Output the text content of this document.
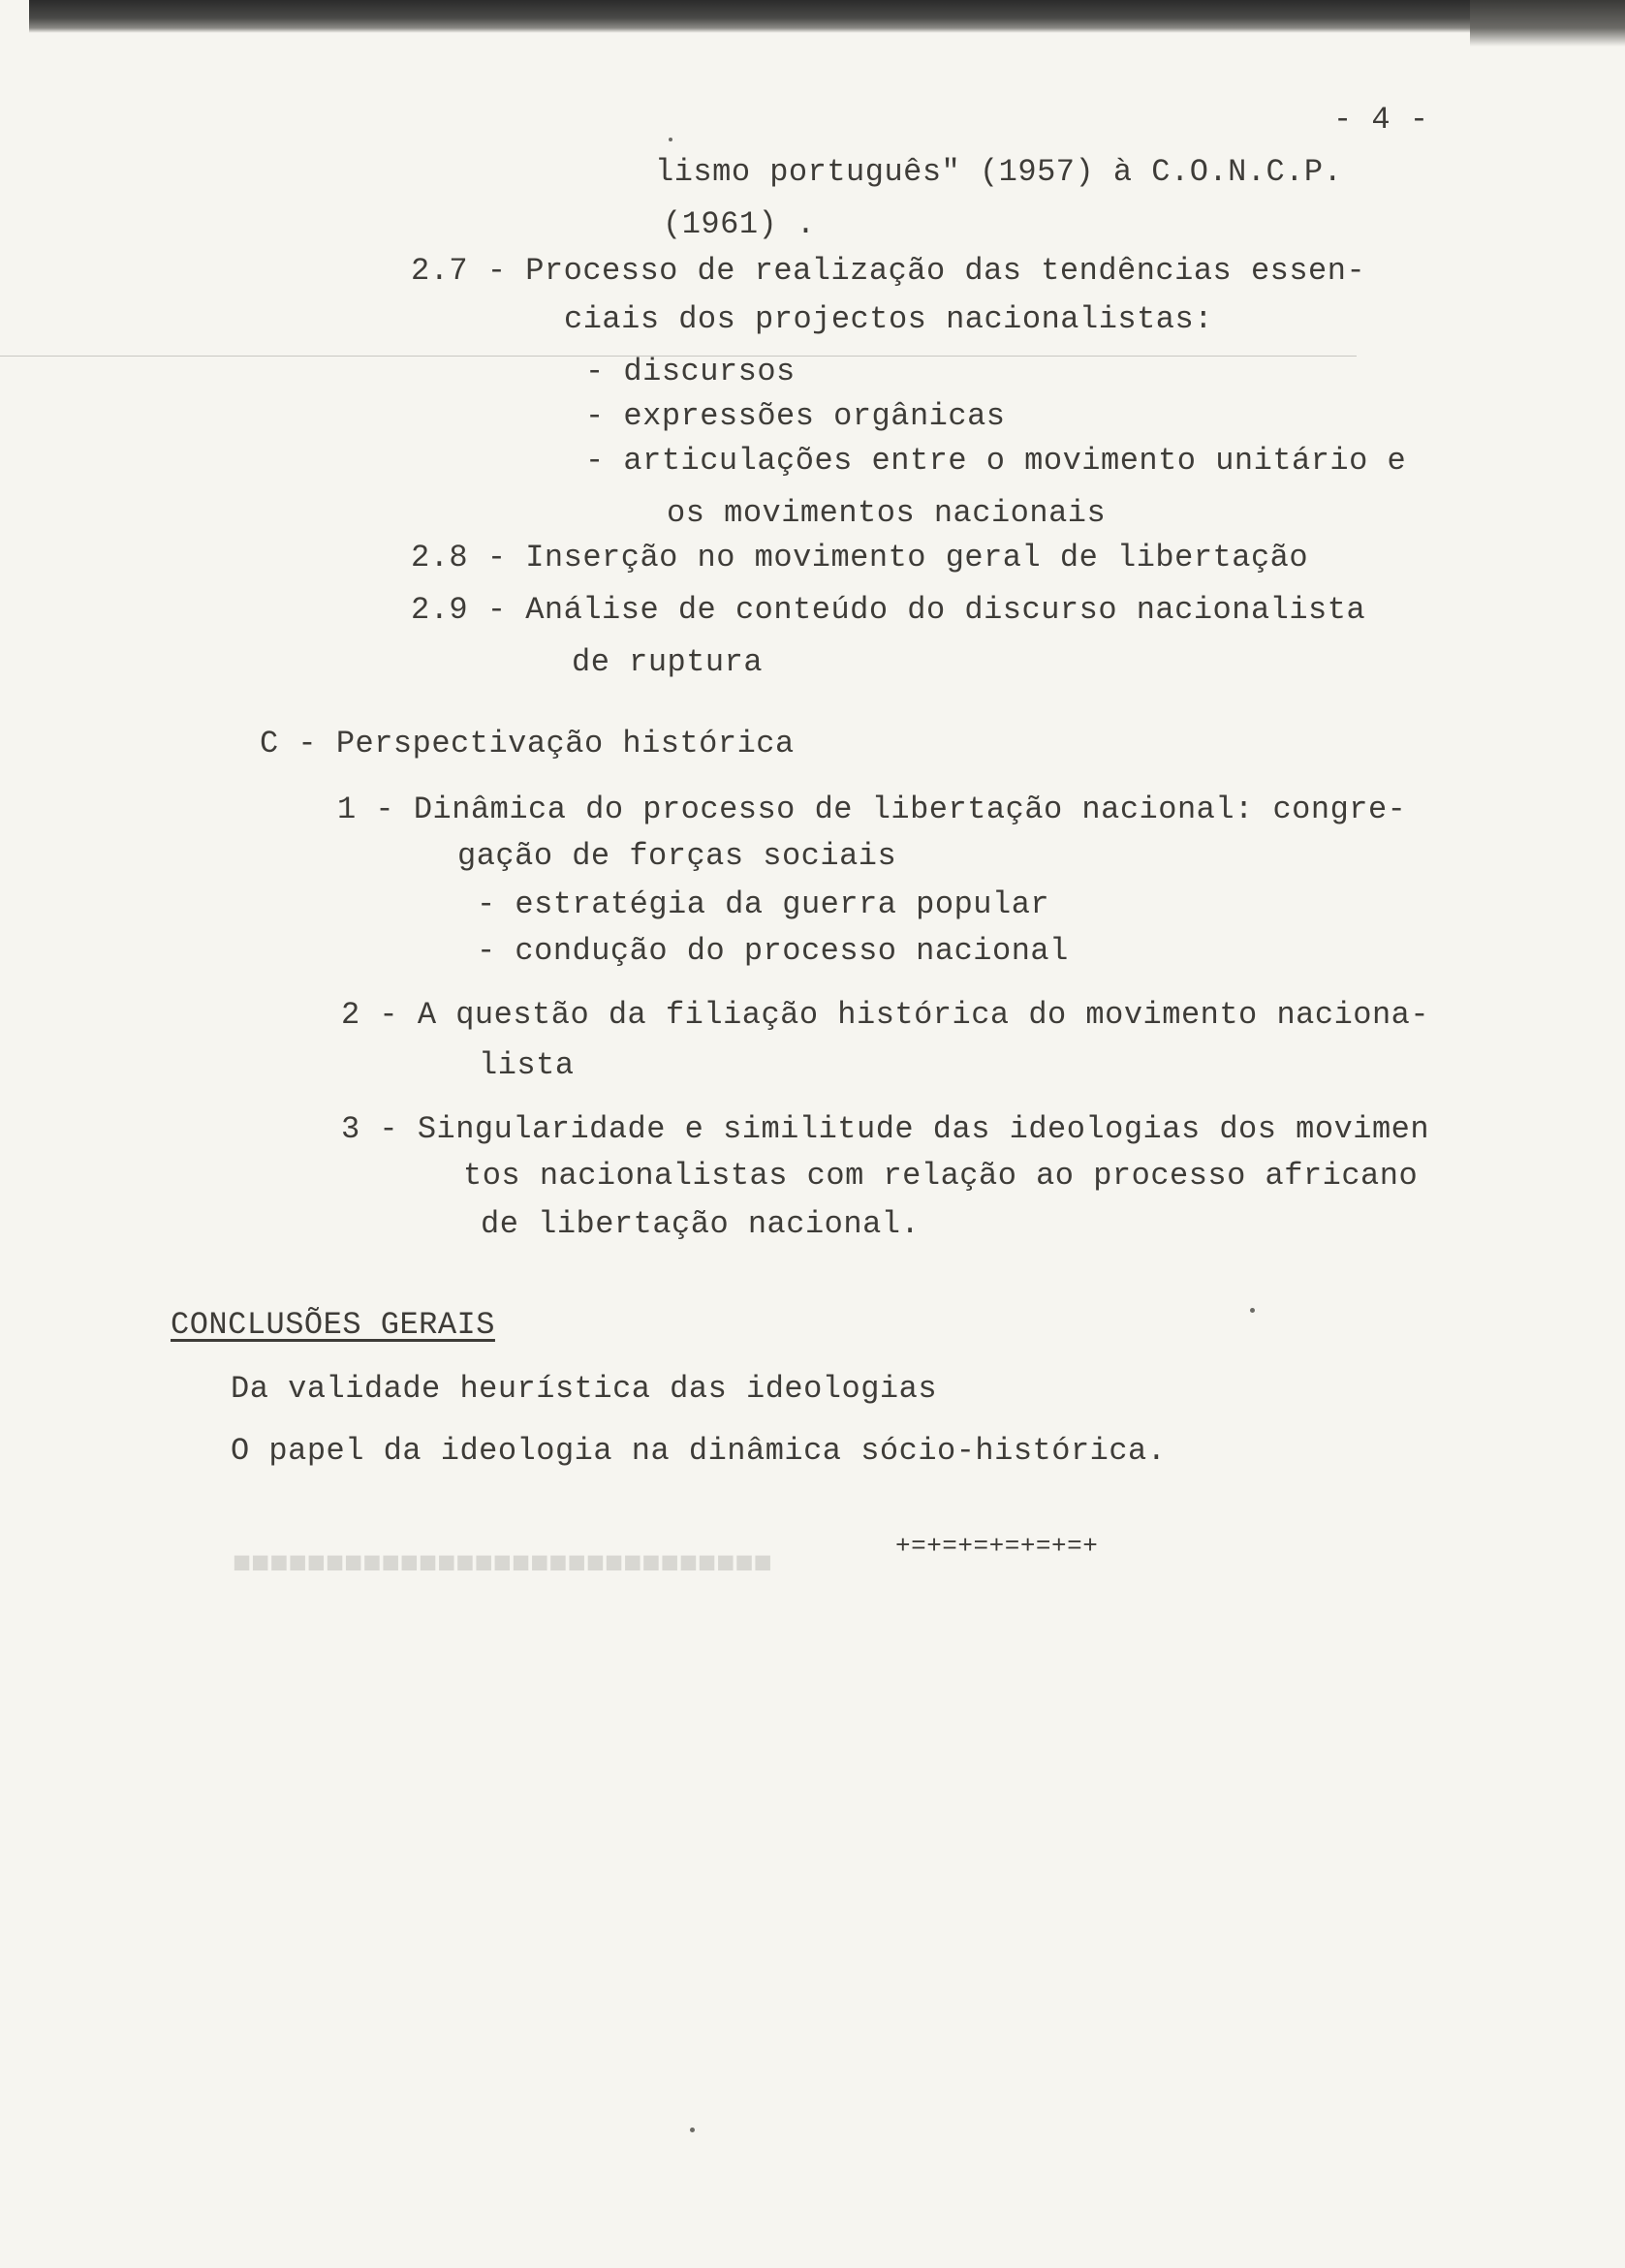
■■■■■■■■■■■■■■■■■■■■■■■■■■■■■
- 4 -
lismo português" (1957) à C.O.N.C.P.
(1961) .
2.7 - Processo de realização das tendências essen-
ciais dos projectos nacionalistas:
- discursos
- expressões orgânicas
- articulações entre o movimento unitário e
os movimentos nacionais
2.8 - Inserção no movimento geral de libertação
2.9 - Análise de conteúdo do discurso nacionalista
de ruptura
C - Perspectivação histórica
1 - Dinâmica do processo de libertação nacional: congre-
gação de forças sociais
- estratégia da guerra popular
- condução do processo nacional
2 - A questão da filiação histórica do movimento naciona-
lista
3 - Singularidade e similitude das ideologias dos movimen
tos nacionalistas com relação ao processo africano
de libertação nacional.
CONCLUSÕES GERAIS
Da validade heurística das ideologias
O papel da ideologia na dinâmica sócio-histórica.
+=+=+=+=+=+=+
